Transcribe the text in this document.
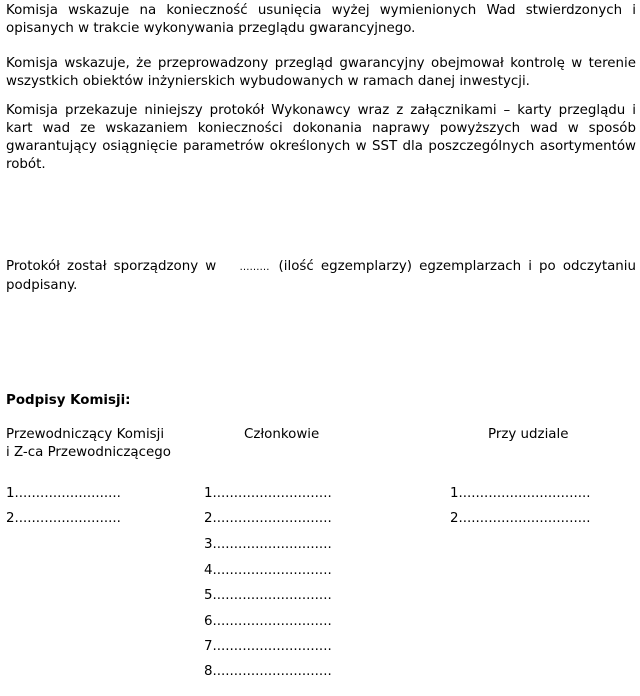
Komisja wskazuje na konieczność usunięcia wyżej wymienionych Wad stwierdzonych i opisanych w trakcie wykonywania przeglądu gwarancyjnego.

Komisja wskazuje, że przeprowadzony przegląd gwarancyjny obejmował kontrolę w terenie wszystkich obiektów inżynierskich wybudowanych w ramach danej inwestycji.

Komisja przekazuje niniejszy protokół Wykonawcy wraz z załącznikami – karty przeglądu i kart wad ze wskazaniem konieczności dokonania naprawy powyższych wad w sposób gwarantujący osiągnięcie parametrów określonych w SST dla poszczególnych asortymentów robót.

Protokół został sporządzony w ……… (ilość egzemplarzy) egzemplarzach i po odczytaniu podpisany.

Podpisy Komisji:

Przewodniczący Komisji
i Z-ca Przewodniczącego
Członkowie	Przy udziale
1.........................
2.........................
1............................
2............................
3............................
4............................
5............................
6............................
7............................
8............................
1...............................
2...............................
